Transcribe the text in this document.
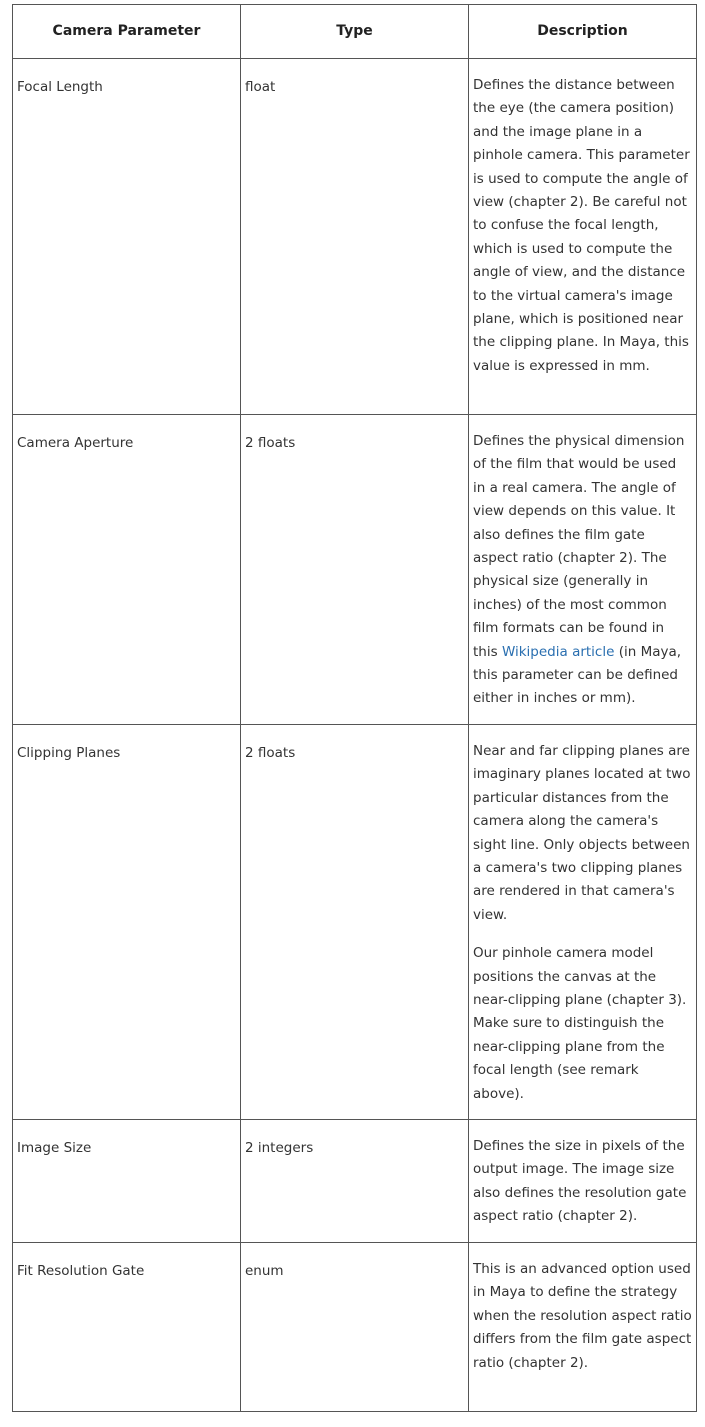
Camera Parameter	Type	Description
Focal Length	float	Defines the distance between the eye (the camera position) and the image plane in a pinhole camera. This parameter is used to compute the angle of view (chapter 2). Be careful not to confuse the focal length, which is used to compute the angle of view, and the distance to the virtual camera's image plane, which is positioned near the clipping plane. In Maya, this value is expressed in mm.

Camera Aperture	2 floats	Defines the physical dimension of the film that would be used in a real camera. The angle of view depends on this value. It also defines the film gate aspect ratio (chapter 2). The physical size (generally in inches) of the most common film formats can be found in this Wikipedia article (in Maya, this parameter can be defined either in inches or mm).

Clipping Planes	2 floats	Near and far clipping planes are imaginary planes located at two particular distances from the camera along the camera's sight line. Only objects between a camera's two clipping planes are rendered in that camera's view.

Our pinhole camera model positions the canvas at the near-clipping plane (chapter 3). Make sure to distinguish the near-clipping plane from the focal length (see remark above).

Image Size	2 integers	Defines the size in pixels of the output image. The image size also defines the resolution gate aspect ratio (chapter 2).

Fit Resolution Gate	enum	This is an advanced option used in Maya to define the strategy when the resolution aspect ratio differs from the film gate aspect ratio (chapter 2).
